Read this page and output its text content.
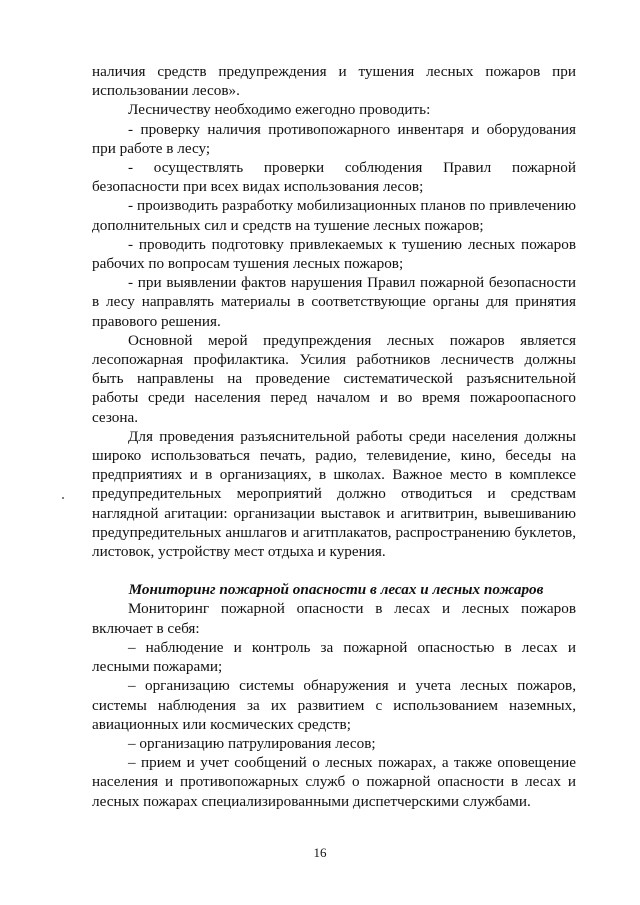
наличия средств предупреждения и тушения лесных пожаров при использовании лесов».

Лесничеству необходимо ежегодно проводить:

- проверку наличия противопожарного инвентаря и оборудования при работе в лесу;

- осуществлять проверки соблюдения Правил пожарной безопасности при всех видах использования лесов;

- производить разработку мобилизационных планов по привлечению дополнительных сил и средств на тушение лесных пожаров;

- проводить подготовку привлекаемых к тушению лесных пожаров рабочих по вопросам тушения лесных пожаров;

- при выявлении фактов нарушения Правил пожарной безопасности в лесу направлять материалы в соответствующие органы для принятия правового решения.

Основной мерой предупреждения лесных пожаров является лесопожарная профилактика. Усилия работников лесничеств должны быть направлены на проведение систематической разъяснительной работы среди населения перед началом и во время пожароопасного сезона.

Для проведения разъяснительной работы среди населения должны широко использоваться печать, радио, телевидение, кино, беседы на предприятиях и в организациях, в школах. Важное место в комплексе предупредительных мероприятий должно отводиться и средствам наглядной агитации: организации выставок и агитвитрин, вывешиванию предупредительных аншлагов и агитплакатов, распространению буклетов, листовок, устройству мест отдыха и курения.

Мониторинг пожарной опасности в лесах и лесных пожаров

Мониторинг пожарной опасности в лесах и лесных пожаров включает в себя:

– наблюдение и контроль за пожарной опасностью в лесах и лесными пожарами;

– организацию системы обнаружения и учета лесных пожаров, системы наблюдения за их развитием с использованием наземных, авиационных или космических средств;

– организацию патрулирования лесов;

– прием и учет сообщений о лесных пожарах, а также оповещение населения и противопожарных служб о пожарной опасности в лесах и лесных пожарах специализированными диспетчерскими службами.

16
